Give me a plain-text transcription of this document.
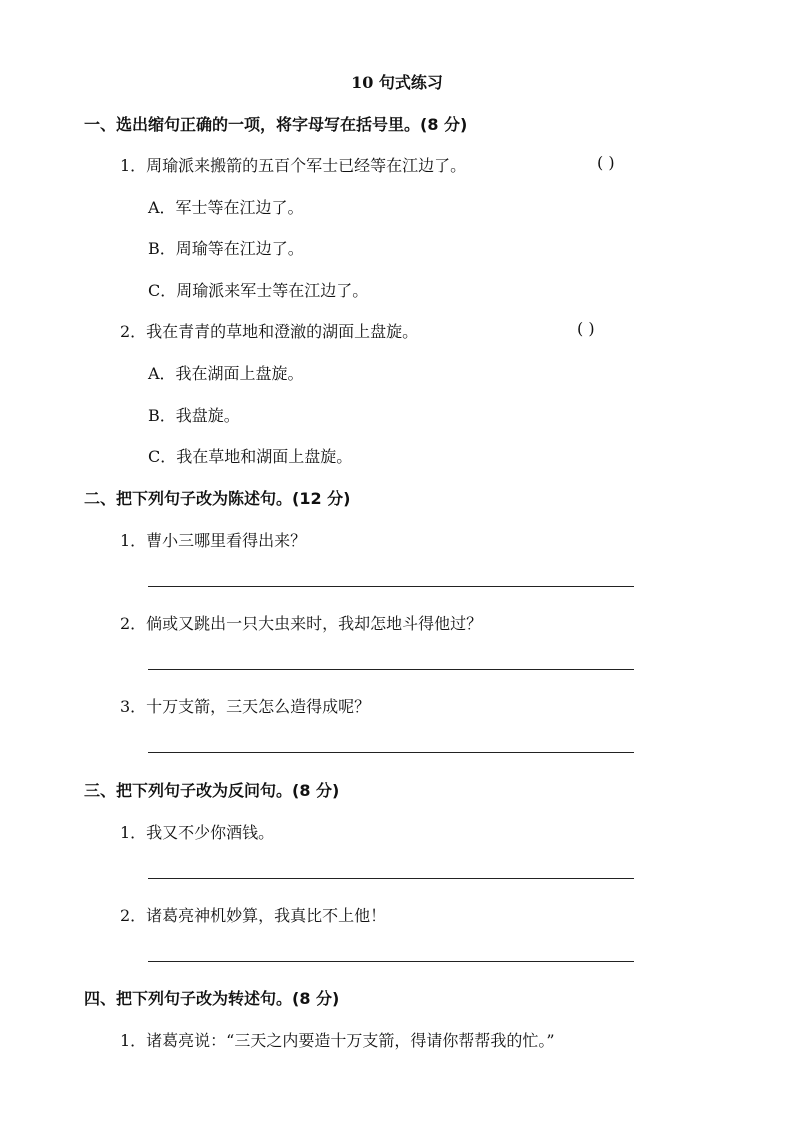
10 句式练习
一、选出缩句正确的一项，将字母写在括号里。(8 分)
1．周瑜派来搬箭的五百个军士已经等在江边了。	( )
A．军士等在江边了。
B．周瑜等在江边了。
C．周瑜派来军士等在江边了。
2．我在青青的草地和澄澈的湖面上盘旋。	( )
A．我在湖面上盘旋。
B．我盘旋。
C．我在草地和湖面上盘旋。
二、把下列句子改为陈述句。(12 分)
1．曹小三哪里看得出来？
2．倘或又跳出一只大虫来时，我却怎地斗得他过？
3．十万支箭，三天怎么造得成呢？
三、把下列句子改为反问句。(8 分)
1．我又不少你酒钱。
2．诸葛亮神机妙算，我真比不上他！
四、把下列句子改为转述句。(8 分)
1．诸葛亮说：“三天之内要造十万支箭，得请你帮帮我的忙。”
